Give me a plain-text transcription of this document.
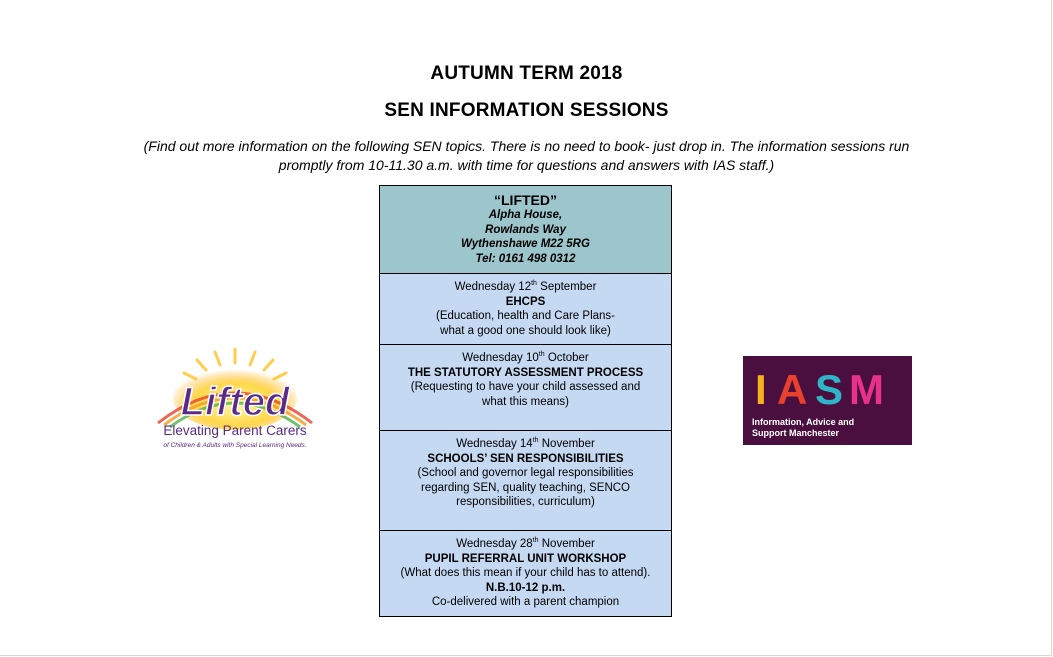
AUTUMN TERM 2018
SEN INFORMATION SESSIONS
(Find out more information on the following SEN topics. There is no need to book- just drop in. The information sessions run
promptly from 10-11.30 a.m. with time for questions and answers with IAS staff.)
“LIFTED”
Alpha House,
Rowlands Way
Wythenshawe M22 5RG
Tel: 0161 498 0312
Wednesday 12th September
EHCPS
(Education, health and Care Plans-
what a good one should look like)
Wednesday 10th October
THE STATUTORY ASSESSMENT PROCESS
(Requesting to have your child assessed and
what this means)
Wednesday 14th November
SCHOOLS’ SEN RESPONSIBILITIES
(School and governor legal responsibilities
regarding SEN, quality teaching, SENCO
responsibilities, curriculum)
Wednesday 28th November
PUPIL REFERRAL UNIT WORKSHOP
(What does this mean if your child has to attend).
N.B.10-12 p.m.
Co-delivered with a parent champion
Lifted
Elevating Parent Carers
of Children & Adults with Special Learning Needs.
I A S M
Information, Advice and
Support Manchester
